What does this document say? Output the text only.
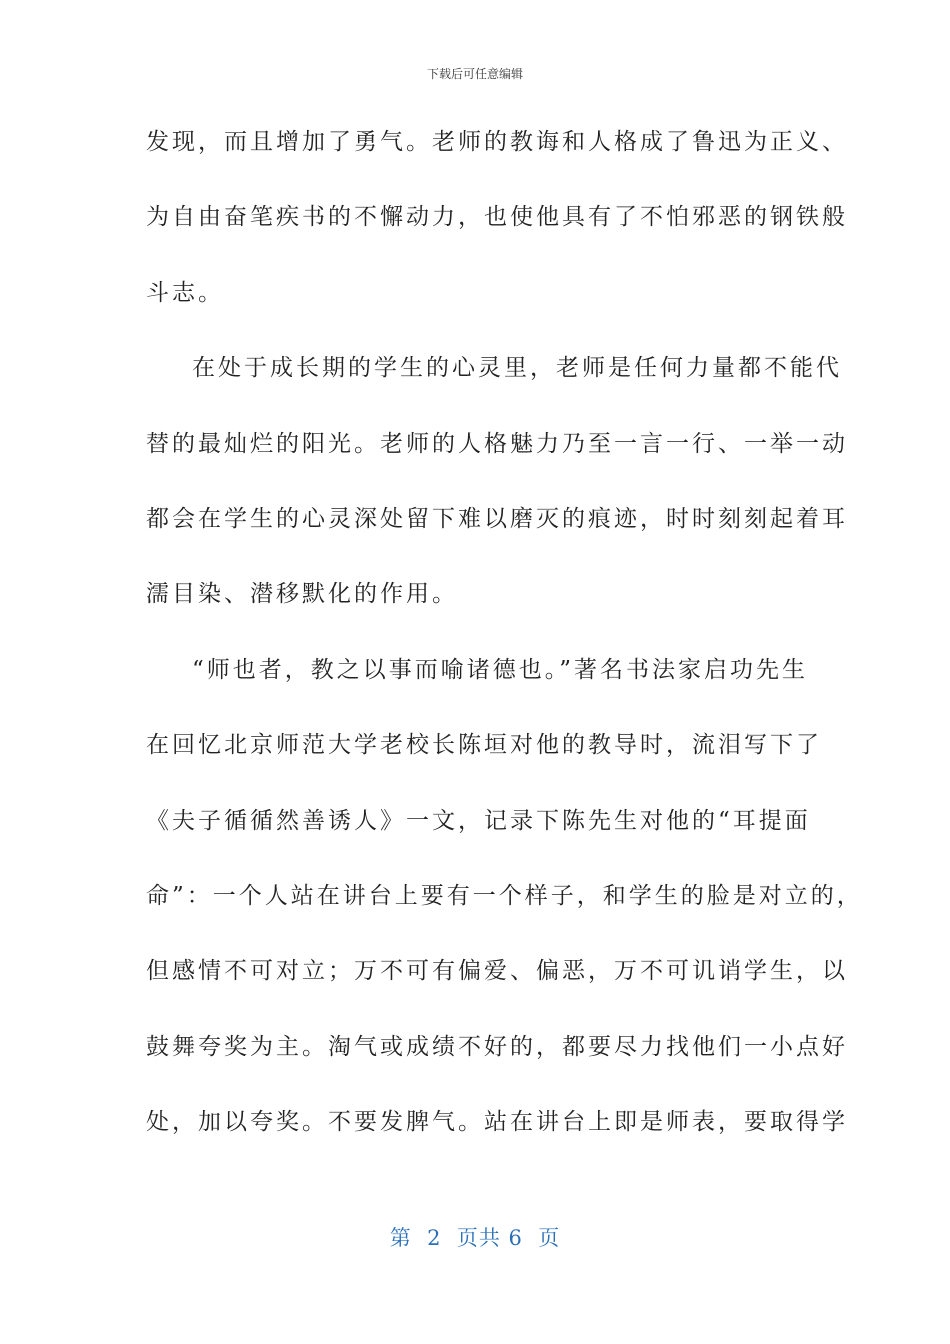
下载后可任意编辑
发现，而且增加了勇气。老师的教诲和人格成了鲁迅为正义、
为自由奋笔疾书的不懈动力，也使他具有了不怕邪恶的钢铁般
斗志。
在处于成长期的学生的心灵里，老师是任何力量都不能代
替的最灿烂的阳光。老师的人格魅力乃至一言一行、一举一动
都会在学生的心灵深处留下难以磨灭的痕迹，时时刻刻起着耳
濡目染、潜移默化的作用。
“师也者，教之以事而喻诸德也。”著名书法家启功先生
在回忆北京师范大学老校长陈垣对他的教导时，流泪写下了
《夫子循循然善诱人》一文，记录下陈先生对他的“耳提面
命”：一个人站在讲台上要有一个样子，和学生的脸是对立的，
但感情不可对立；万不可有偏爱、偏恶，万不可讥诮学生，以
鼓舞夸奖为主。淘气或成绩不好的，都要尽力找他们一小点好
处，加以夸奖。不要发脾气。站在讲台上即是师表，要取得学
第  2  页共 6  页
